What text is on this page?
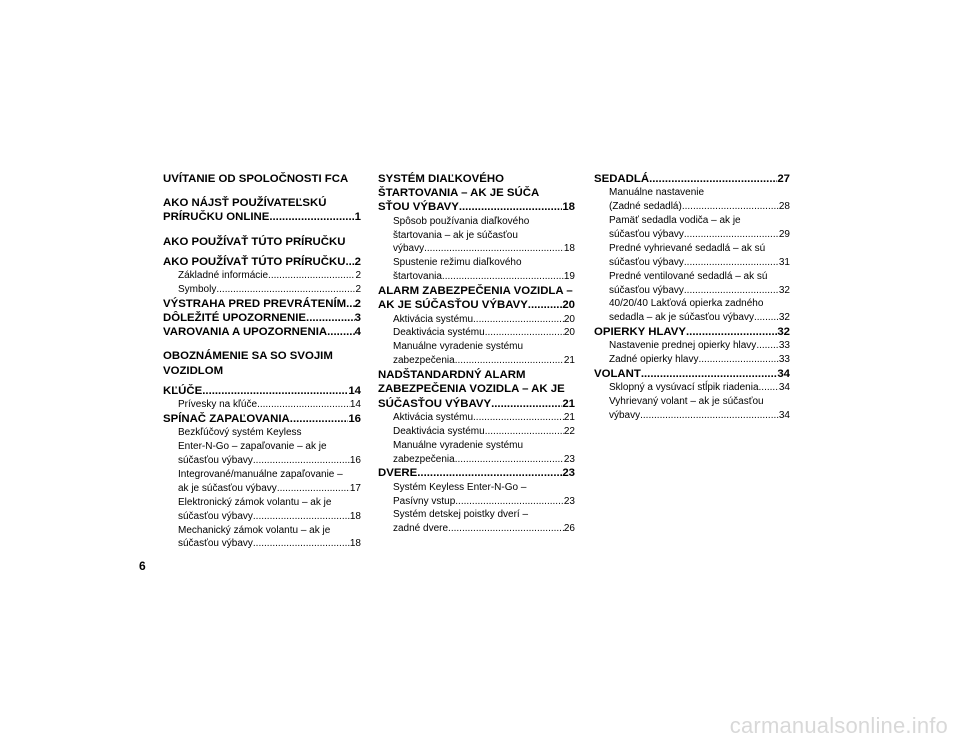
UVÍTANIE OD SPOLOČNOSTI FCA
AKO NÁJSŤ POUŽÍVATEĽSKÚ
PRÍRUČKU ONLINE .....	1
AKO POUŽÍVAŤ TÚTO PRÍRUČKU
AKO POUŽÍVAŤ TÚTO PRÍRUČKU ..... 2
Základné informácie .....	2
Symboly .....	2
VÝSTRAHA PRED PREVRÁTENÍM ..... 2
DÔLEŽITÉ UPOZORNENIE .....	3
VAROVANIA A UPOZORNENIA ..... 4
OBOZNÁMENIE SA SO SVOJIM
VOZIDLOM
KĽÚČE .....	14
Prívesky na kľúče .....	14
SPÍNAČ ZAPAĽOVANIA .....	16
Bezkľúčový systém Keyless
Enter-N-Go – zapaľovanie – ak je
súčasťou výbavy .....	16
Integrované/manuálne zapaľovanie –
ak je súčasťou výbavy .....	17
Elektronický zámok volantu – ak je
súčasťou výbavy .....	18
Mechanický zámok volantu – ak je
súčasťou výbavy .....	18
SYSTÉM DIAĽKOVÉHO
ŠTARTOVANIA – AK JE SÚČA
SŤOU VÝBAVY .....	18
Spôsob používania diaľkového
štartovania – ak je súčasťou
výbavy .....	18
Spustenie režimu diaľkového
štartovania .....	19
ALARM ZABEZPEČENIA VOZIDLA –
AK JE SÚČASŤOU VÝBAVY .....	20
Aktivácia systému .....	20
Deaktivácia systému .....	20
Manuálne vyradenie systému
zabezpečenia .....	21
NADŠTANDARDNÝ ALARM
ZABEZPEČENIA VOZIDLA – AK JE
SÚČASŤOU VÝBAVY .....	21
Aktivácia systému .....	21
Deaktivácia systému .....	22
Manuálne vyradenie systému
zabezpečenia .....	23
DVERE .....	23
Systém Keyless Enter-N-Go –
Pasívny vstup .....	23
Systém detskej poistky dverí –
zadné dvere .....	26
SEDADLÁ .....	27
Manuálne nastavenie
(Zadné sedadlá) .....	28
Pamäť sedadla vodiča – ak je
súčasťou výbavy .....	29
Predné vyhrievané sedadlá – ak sú
súčasťou výbavy .....	31
Predné ventilované sedadlá – ak sú
súčasťou výbavy .....	32
40/20/40 Lakťová opierka zadného
sedadla – ak je súčasťou výbavy ..... 32
OPIERKY HLAVY .....	32
Nastavenie prednej opierky hlavy ..... 33
Zadné opierky hlavy .....	33
VOLANT .....	34
Sklopný a vysúvací stĺpik riadenia ..... 34
Vyhrievaný volant – ak je súčasťou
výbavy .....	34
6
carmanualsonline.info
